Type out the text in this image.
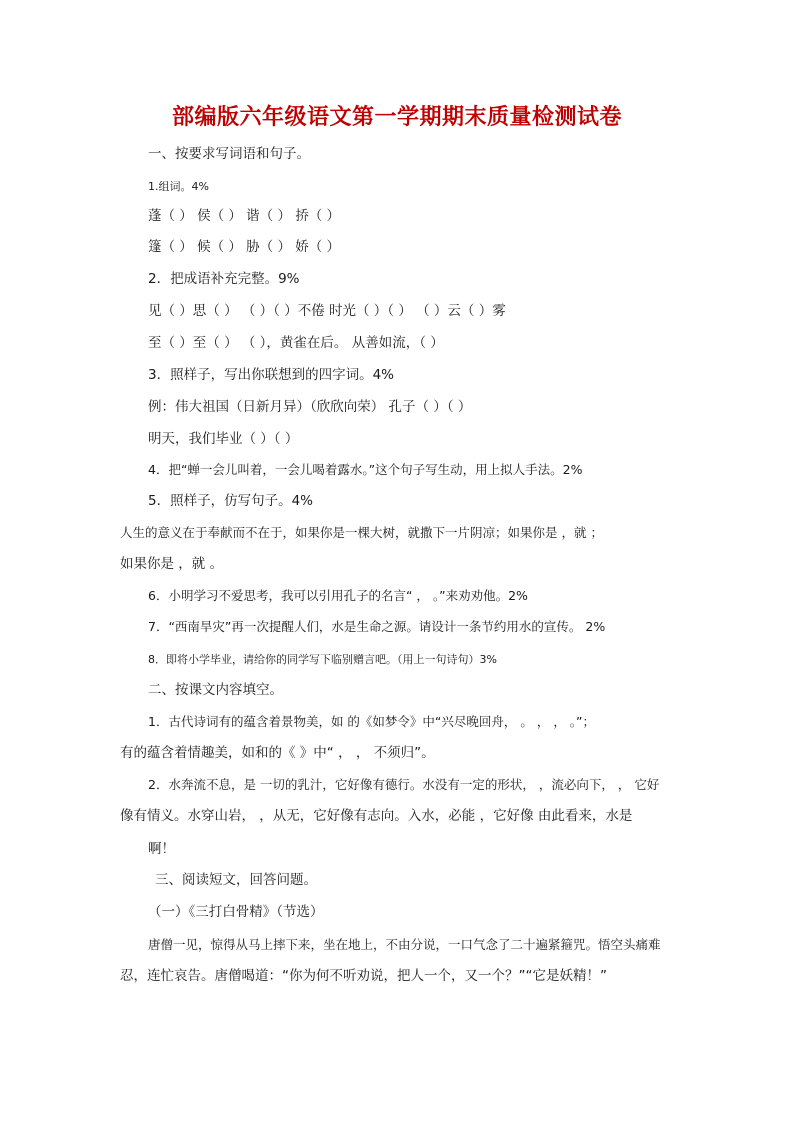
部编版六年级语文第一学期期末质量检测试卷
一、按要求写词语和句子。
1.组词。4%
蓬（ ） 侯（ ） 谐（ ） 挢（ ）
篷（ ） 候（ ） 胁（ ） 娇（ ）
2．把成语补充完整。9%
见（ ）思（ ） （ ）（ ）不倦 时光（ ）（ ） （ ）云（ ）雾
至（ ）至（ ） （ ），黄雀在后。 从善如流，（ ）
3．照样子，写出你联想到的四字词。4%
例：伟大祖国（日新月异）（欣欣向荣） 孔子（ ）（ ）
明天，我们毕业（ ）（ ）
4．把“蝉一会儿叫着，一会儿喝着露水。”这个句子写生动，用上拟人手法。2%
5．照样子，仿写句子。4%
人生的意义在于奉献而不在于，如果你是一棵大树，就撒下一片阴凉；如果你是 ，就 ；
如果你是 ，就 。
6．小明学习不爱思考，我可以引用孔子的名言“ ， 。”来劝劝他。2%
7．“西南旱灾”再一次提醒人们，水是生命之源。请设计一条节约用水的宣传。 2%
8．即将小学毕业，请给你的同学写下临别赠言吧。（用上一句诗句）3%
二、按课文内容填空。
1．古代诗词有的蕴含着景物美，如 的《如梦令》中“兴尽晚回舟， 。 ， ， 。”；
有的蕴含着情趣美，如和的《 》中“ ， ， 不须归”。
2．水奔流不息，是 一切的乳汁，它好像有德行。水没有一定的形状， ，流必向下， ， 它好
像有情义。水穿山岩， ，从无，它好像有志向。入水，必能 ，它好像 由此看来，水是
啊！
三、阅读短文，回答问题。
（一）《三打白骨精》（节选）
唐僧一见，惊得从马上摔下来，坐在地上，不由分说，一口气念了二十遍紧箍咒。悟空头痛难
忍，连忙哀告。唐僧喝道：“你为何不听劝说，把人一个，又一个？”“它是妖精！”
